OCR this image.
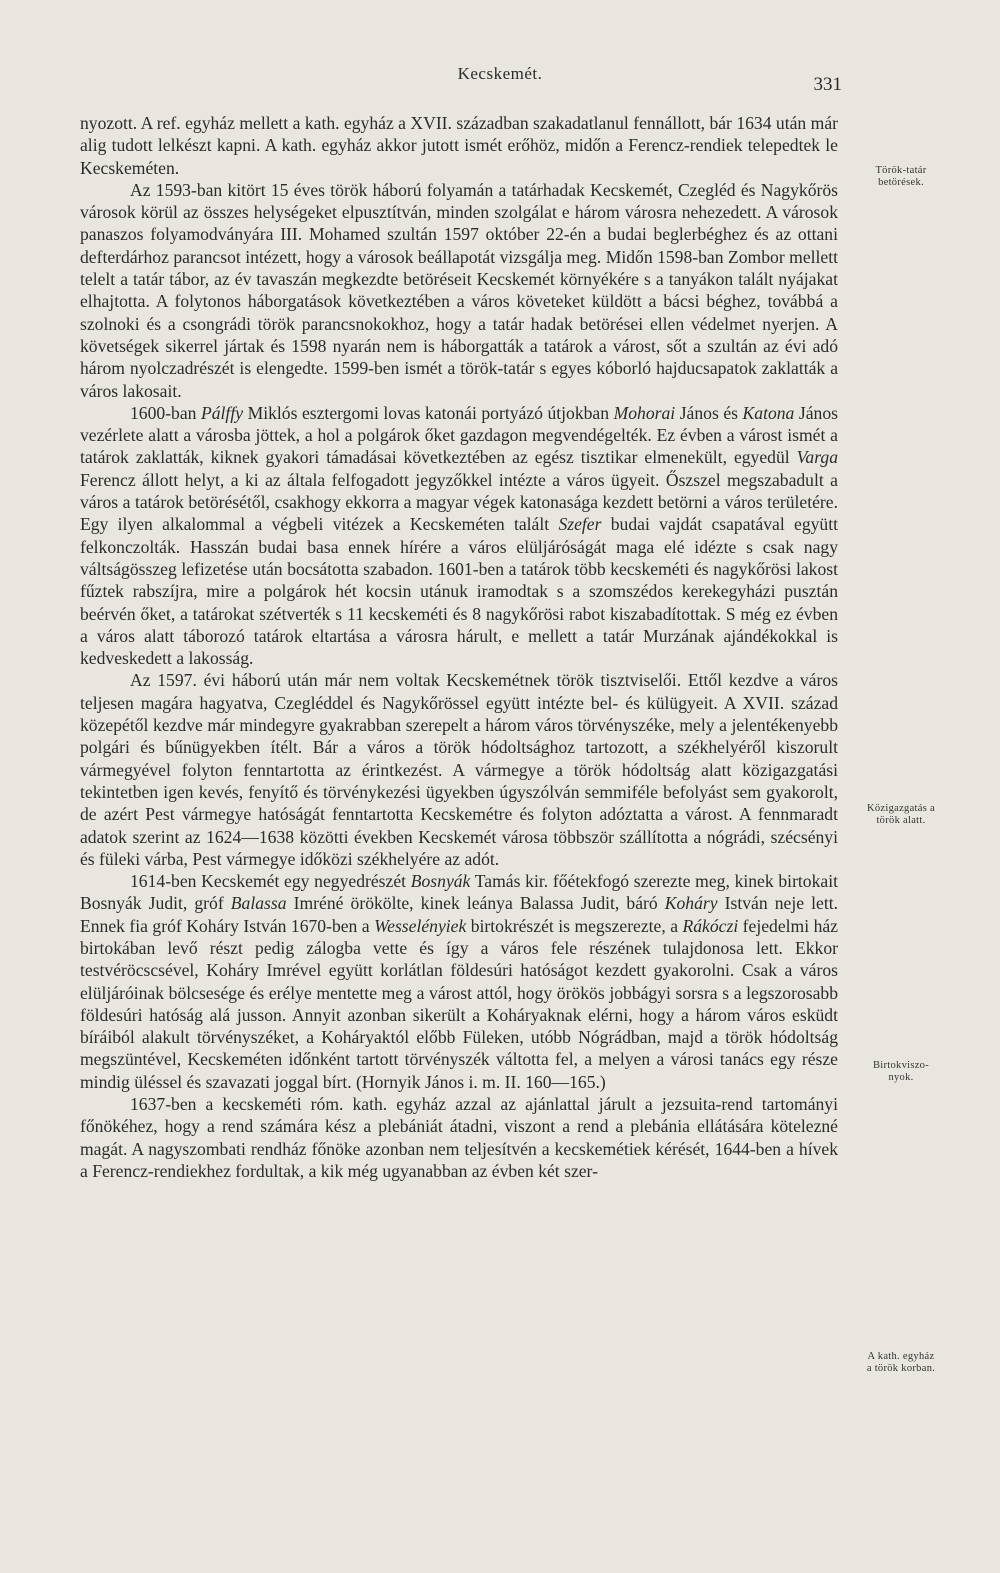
Kecskemét.
331

nyozott. A ref. egyház mellett a kath. egyház a XVII. században szakadatlanul fennállott, bár 1634 után már alig tudott lelkészt kapni. A kath. egyház akkor jutott ismét erőhöz, midőn a Ferencz-rendiek telepedtek le Kecskeméten.

Az 1593-ban kitört 15 éves török háború folyamán a tatárhadak Kecskemét, Czegléd és Nagykőrös városok körül az összes helységeket elpusztítván, minden szolgálat e három városra nehezedett. A városok panaszos folyamodványára III. Mohamed szultán 1597 október 22-én a budai beglerbéghez és az ottani defterdárhoz parancsot intézett, hogy a városok beállapotát vizsgálja meg. Midőn 1598-ban Zombor mellett telelt a tatár tábor, az év tavaszán megkezdte betöréseit Kecskemét környékére s a tanyákon talált nyájakat elhajtotta. A folytonos háborgatások következtében a város követeket küldött a bácsi béghez, továbbá a szolnoki és a csongrádi török parancsnokokhoz, hogy a tatár hadak betörései ellen védelmet nyerjen. A követségek sikerrel jártak és 1598 nyarán nem is háborgatták a tatárok a várost, sőt a szultán az évi adó három nyolczadrészét is elengedte. 1599-ben ismét a török-tatár s egyes kóborló hajducsapatok zaklatták a város lakosait.

1600-ban Pálffy Miklós esztergomi lovas katonái portyázó útjokban Mohorai János és Katona János vezérlete alatt a városba jöttek, a hol a polgárok őket gazdagon megvendégelték. Ez évben a várost ismét a tatárok zaklatták, kiknek gyakori támadásai következtében az egész tisztikar elmenekült, egyedül Varga Ferencz állott helyt, a ki az általa felfogadott jegyzőkkel intézte a város ügyeit. Őszszel megszabadult a város a tatárok betörésétől, csakhogy ekkorra a magyar végek katonasága kezdett betörni a város területére. Egy ilyen alkalommal a végbeli vitézek a Kecskeméten talált Szefer budai vajdát csapatával együtt felkonczolták. Hasszán budai basa ennek hírére a város elüljáróságát maga elé idézte s csak nagy váltságösszeg lefizetése után bocsátotta szabadon. 1601-ben a tatárok több kecskeméti és nagykőrösi lakost fűztek rabszíjra, mire a polgárok hét kocsin utánuk iramodtak s a szomszédos kerekegyházi pusztán beérvén őket, a tatárokat szétverték s 11 kecskeméti és 8 nagykőrösi rabot kiszabadítottak. S még ez évben a város alatt táborozó tatárok eltartása a városra hárult, e mellett a tatár Murzának ajándékokkal is kedveskedett a lakosság.

Az 1597. évi háború után már nem voltak Kecskemétnek török tisztviselői. Ettől kezdve a város teljesen magára hagyatva, Czegléddel és Nagykőrössel együtt intézte bel- és külügyeit. A XVII. század közepétől kezdve már mindegyre gyakrabban szerepelt a három város törvényszéke, mely a jelentékenyebb polgári és bűnügyekben ítélt. Bár a város a török hódoltsághoz tartozott, a székhelyéről kiszorult vármegyével folyton fenntartotta az érintkezést. A vármegye a török hódoltság alatt közigazgatási tekintetben igen kevés, fenyítő és törvénykezési ügyekben úgyszólván semmiféle befolyást sem gyakorolt, de azért Pest vármegye hatóságát fenntartotta Kecskemétre és folyton adóztatta a várost. A fennmaradt adatok szerint az 1624—1638 közötti években Kecskemét városa többször szállította a nógrádi, szécsényi és füleki várba, Pest vármegye időközi székhelyére az adót.

1614-ben Kecskemét egy negyedrészét Bosnyák Tamás kir. főétekfogó szerezte meg, kinek birtokait Bosnyák Judit, gróf Balassa Imréné örökölte, kinek leánya Balassa Judit, báró Koháry István neje lett. Ennek fia gróf Koháry István 1670-ben a Wesselényiek birtokrészét is megszerezte, a Rákóczi fejedelmi ház birtokában levő részt pedig zálogba vette és így a város fele részének tulajdonosa lett. Ekkor testvéröcscsével, Koháry Imrével együtt korlátlan földesúri hatóságot kezdett gyakorolni. Csak a város elüljáróinak bölcsesége és erélye mentette meg a várost attól, hogy örökös jobbágyi sorsra s a legszorosabb földesúri hatóság alá jusson. Annyit azonban sikerült a Koháryaknak elérni, hogy a három város esküdt bíráiból alakult törvényszéket, a Koháryaktól előbb Füleken, utóbb Nógrádban, majd a török hódoltság megszüntével, Kecskeméten időnként tartott törvényszék váltotta fel, a melyen a városi tanács egy része mindig üléssel és szavazati joggal bírt. (Hornyik János i. m. II. 160—165.)

1637-ben a kecskeméti róm. kath. egyház azzal az ajánlattal járult a jezsuita-rend tartományi főnökéhez, hogy a rend számára kész a plebániát átadni, viszont a rend a plebánia ellátására kötelezné magát. A nagyszombati rendház főnöke azonban nem teljesítvén a kecskemétiek kérését, 1644-ben a hívek a Ferencz-rendiekhez fordultak, a kik még ugyanabban az évben két szer-

Török-tatár
betörések.
Közigazgatás a
török alatt.
Birtokviszo-
nyok.
A kath. egyház
a török korban.
